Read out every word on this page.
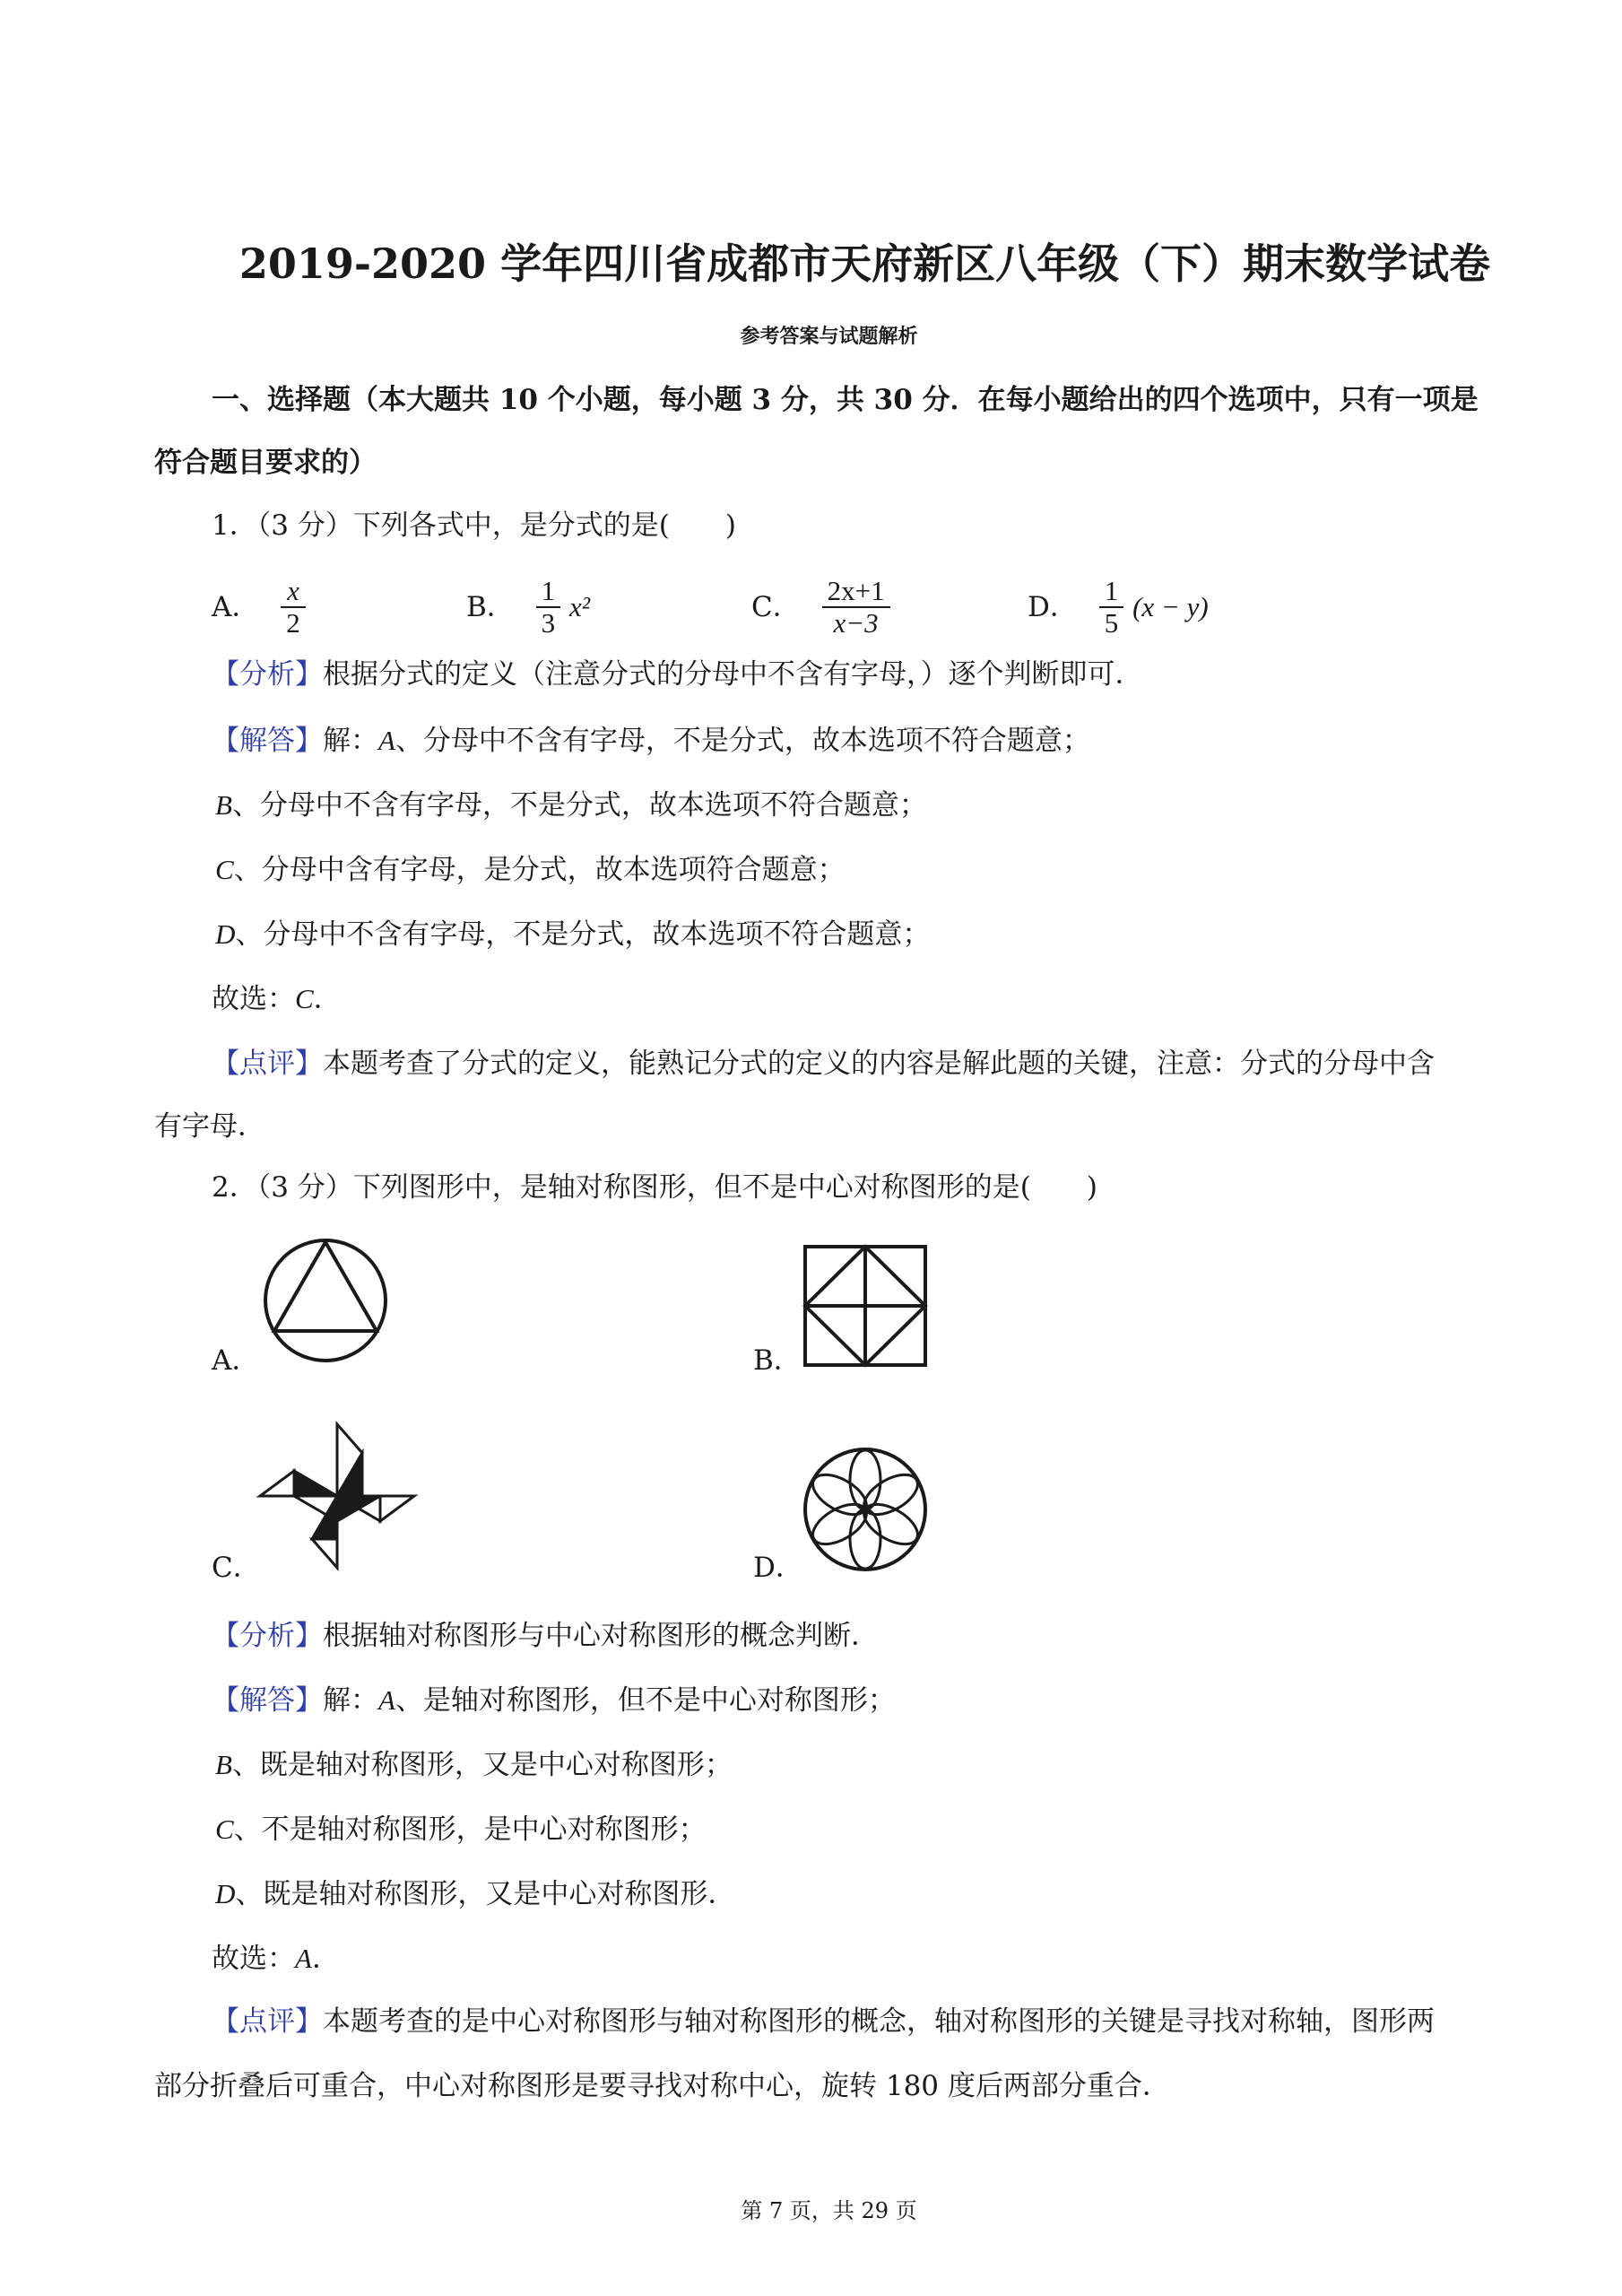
2019-2020 学年四川省成都市天府新区八年级（下）期末数学试卷
参考答案与试题解析
一、选择题（本大题共 10 个小题，每小题 3 分，共 30 分．在每小题给出的四个选项中，只有一项是
符合题目要求的）
1．（3 分）下列各式中，是分式的是(　　)
A． $\frac{x}{2}$	B． $\frac{1}{3} x^2$	C． $\frac{2x+1}{x-3}$	D． $\frac{1}{5} (x - y)$
【分析】根据分式的定义（注意分式的分母中不含有字母，）逐个判断即可．
【解答】解：A、分母中不含有字母，不是分式，故本选项不符合题意；
B、分母中不含有字母，不是分式，故本选项不符合题意；
C、分母中含有字母，是分式，故本选项符合题意；
D、分母中不含有字母，不是分式，故本选项不符合题意；
故选：C．
【点评】本题考查了分式的定义，能熟记分式的定义的内容是解此题的关键，注意：分式的分母中含
有字母．
2．（3 分）下列图形中，是轴对称图形，但不是中心对称图形的是(　　)
A．	B．
C．	D．
【分析】根据轴对称图形与中心对称图形的概念判断．
【解答】解：A、是轴对称图形，但不是中心对称图形；
B、既是轴对称图形，又是中心对称图形；
C、不是轴对称图形，是中心对称图形；
D、既是轴对称图形，又是中心对称图形．
故选：A．
【点评】本题考查的是中心对称图形与轴对称图形的概念，轴对称图形的关键是寻找对称轴，图形两
部分折叠后可重合，中心对称图形是要寻找对称中心，旋转 180 度后两部分重合．
第 7 页，共 29 页
